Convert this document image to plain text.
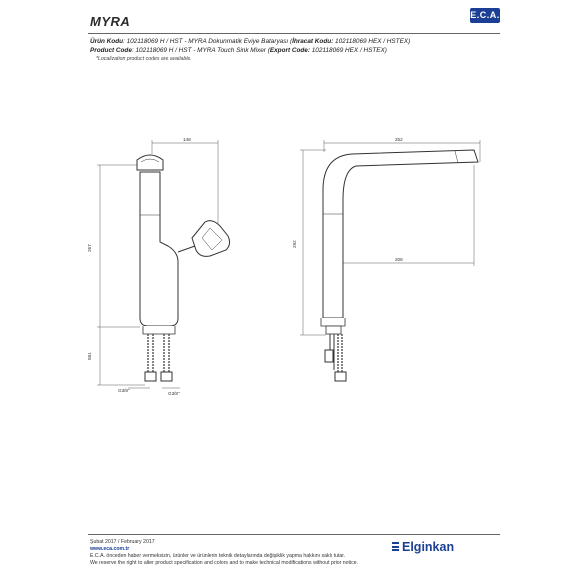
MYRA	E.C.A.
Ürün Kodu: 102118069 H / HST - MYRA Dokunmatik Eviye Bataryası (İhracat Kodu: 102118069 HEX / HSTEX)
Product Code: 102118069 H / HST - MYRA Touch Sink Mixer (Export Code: 102118069 HEX / HSTEX)
*Localization product codes are available.
148
267
581
G3/8"
G3/8"
252
292
208
Şubat 2017 / February 2017
www.eca.com.tr
E.C.A. önceden haber vermeksizin, ürünler ve ürünlerin teknik detaylarında değişiklik yapma hakkını saklı tutar.
We reserve the right to alter product specification and colors and to make technical modifications without prior notice.
Elginkan
